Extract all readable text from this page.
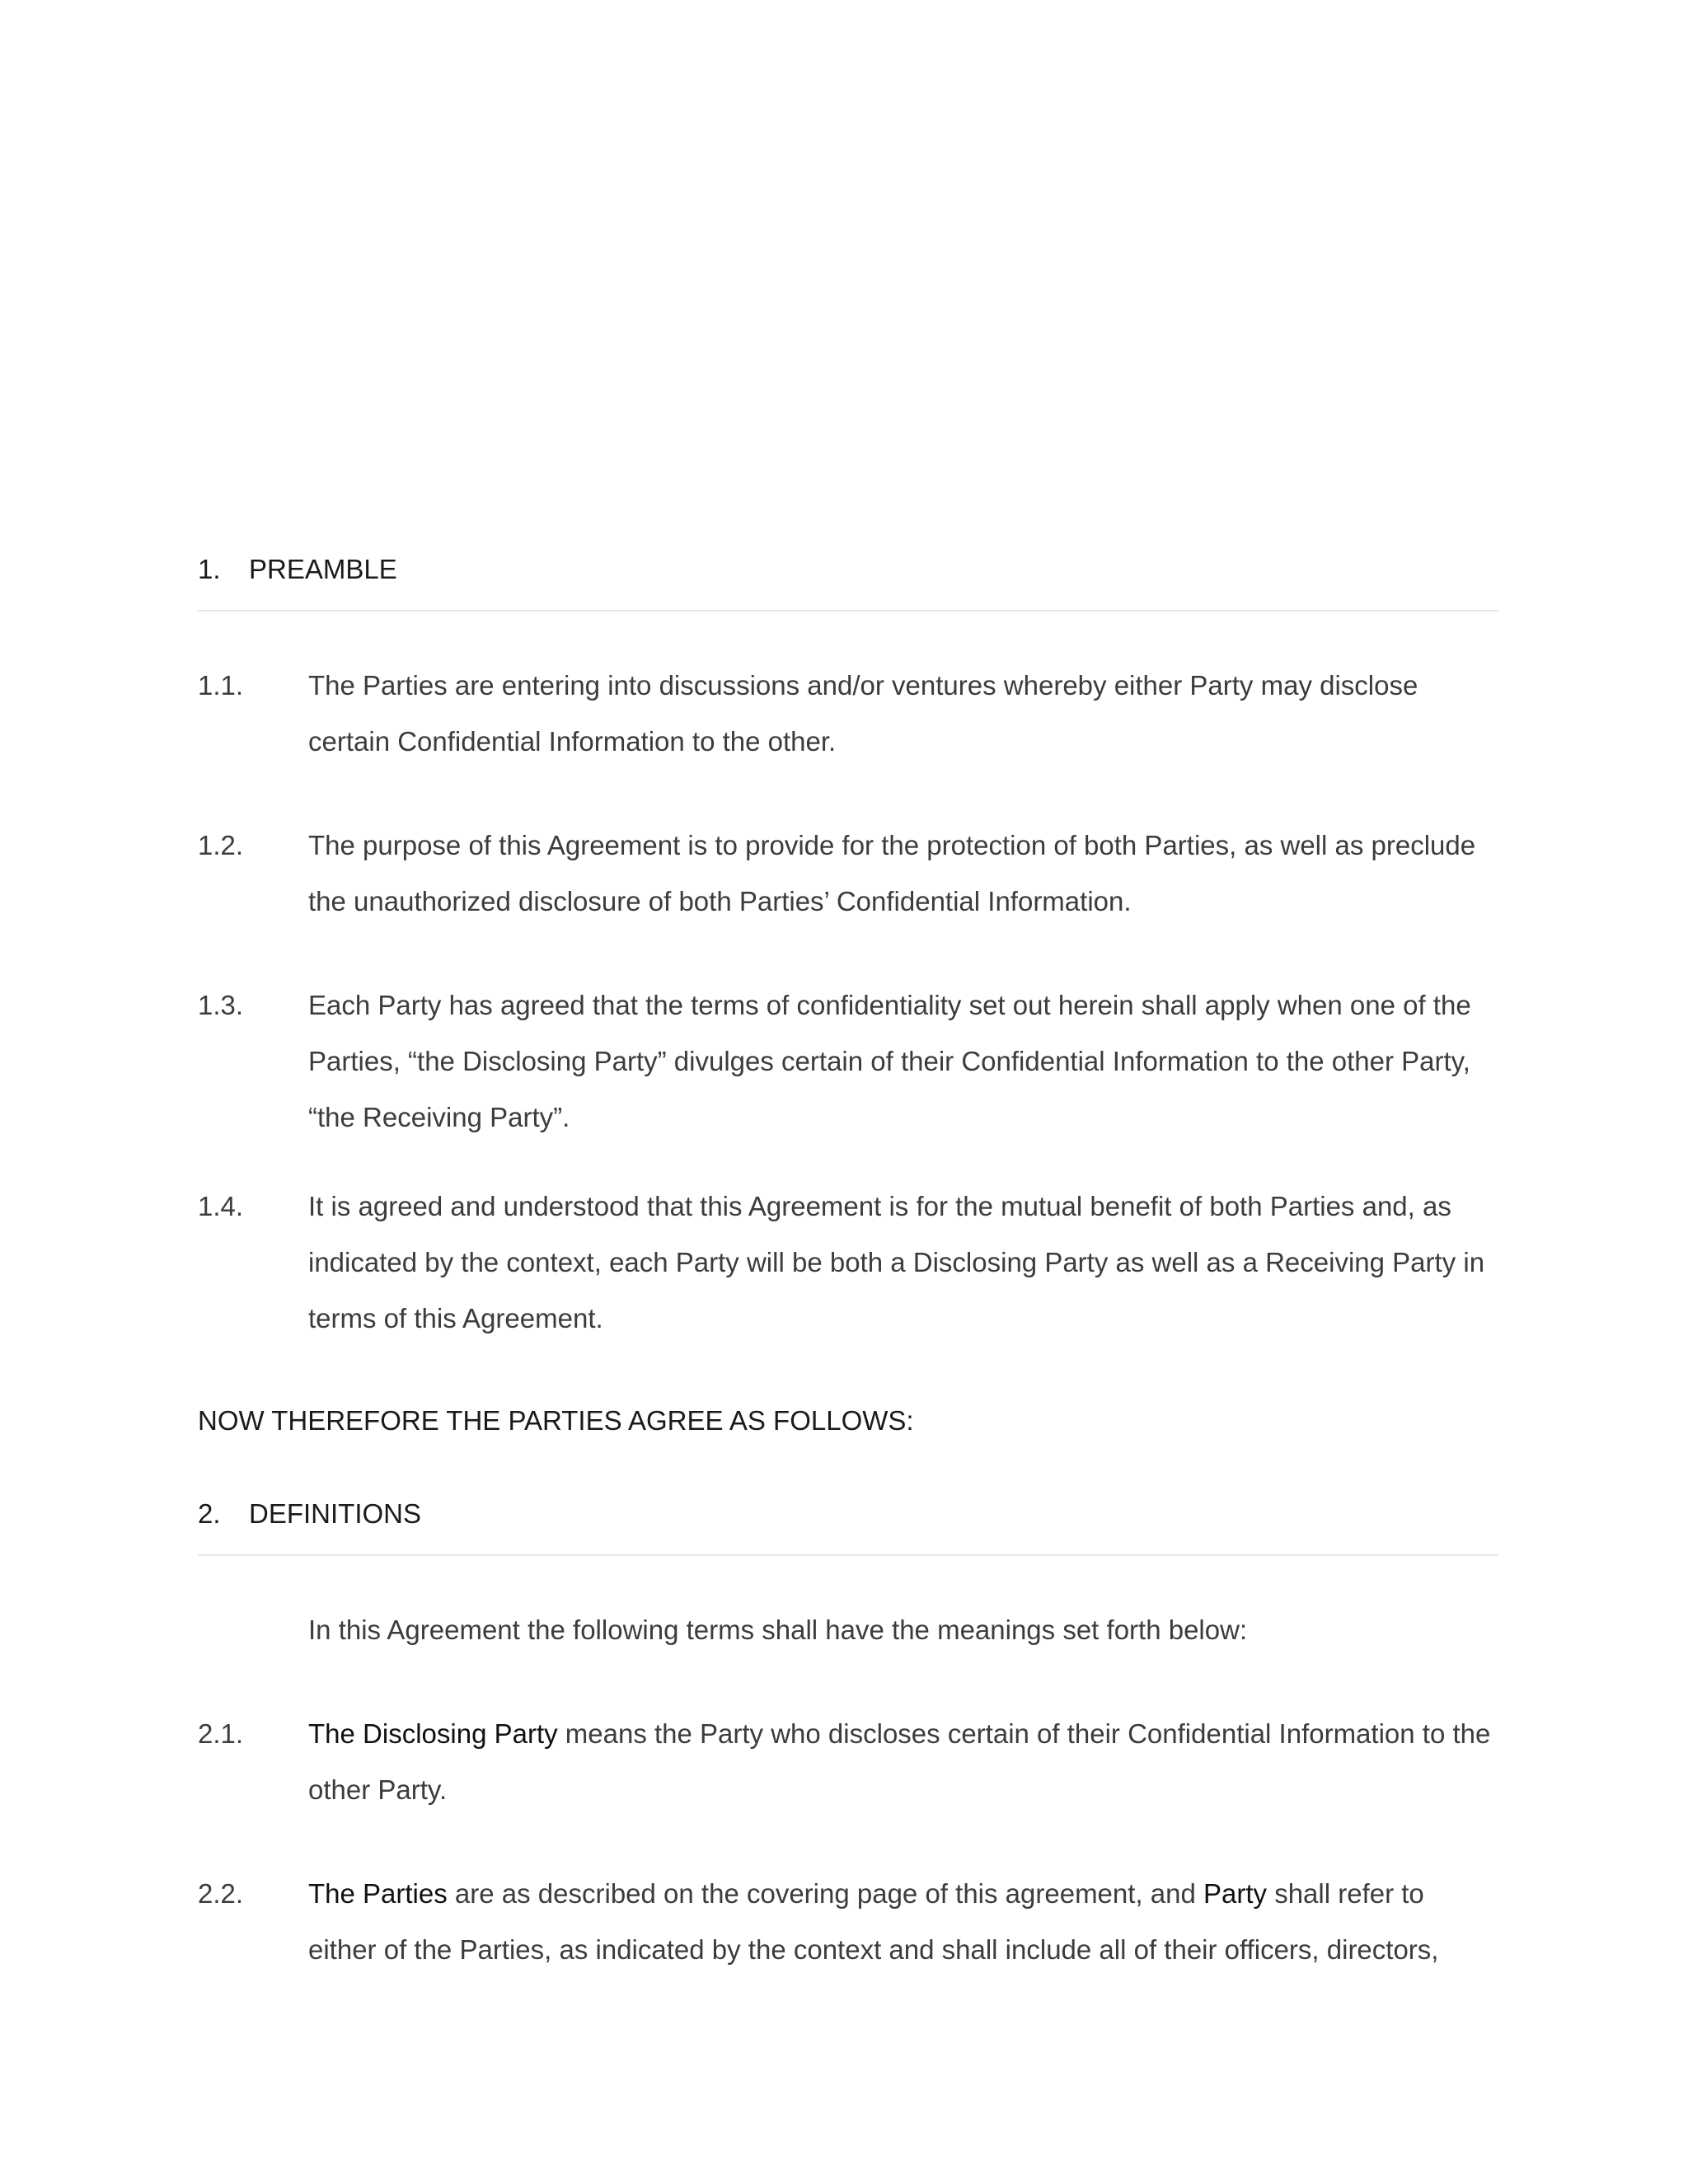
1. PREAMBLE
1.1. The Parties are entering into discussions and/or ventures whereby either Party may disclose certain Confidential Information to the other.
1.2. The purpose of this Agreement is to provide for the protection of both Parties, as well as preclude the unauthorized disclosure of both Parties’ Confidential Information.
1.3. Each Party has agreed that the terms of confidentiality set out herein shall apply when one of the Parties, “the Disclosing Party” divulges certain of their Confidential Information to the other Party, “the Receiving Party”.
1.4. It is agreed and understood that this Agreement is for the mutual benefit of both Parties and, as indicated by the context, each Party will be both a Disclosing Party as well as a Receiving Party in terms of this Agreement.
NOW THEREFORE THE PARTIES AGREE AS FOLLOWS:
2. DEFINITIONS
In this Agreement the following terms shall have the meanings set forth below:
2.1. The Disclosing Party means the Party who discloses certain of their Confidential Information to the other Party.
2.2. The Parties are as described on the covering page of this agreement, and Party shall refer to either of the Parties, as indicated by the context and shall include all of their officers, directors,
